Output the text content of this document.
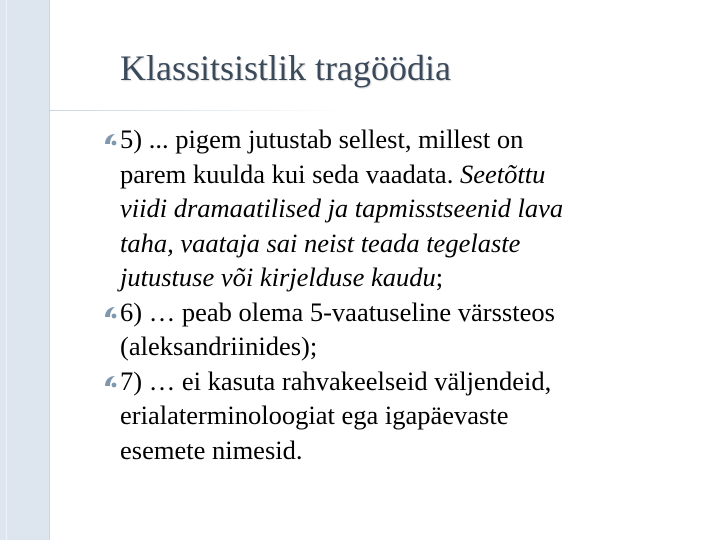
Klassitsistlik tragöödia
5) ... pigem jutustab sellest, millest on
parem kuulda kui seda vaadata. Seetõttu
viidi dramaatilised ja tapmisstseenid lava
taha, vaataja sai neist teada tegelaste
jutustuse või kirjelduse kaudu;
6) … peab olema 5-vaatuseline värssteos
(aleksandriinides);
7) … ei kasuta rahvakeelseid väljendeid,
erialaterminoloogiat ega igapäevaste
esemete nimesid.
